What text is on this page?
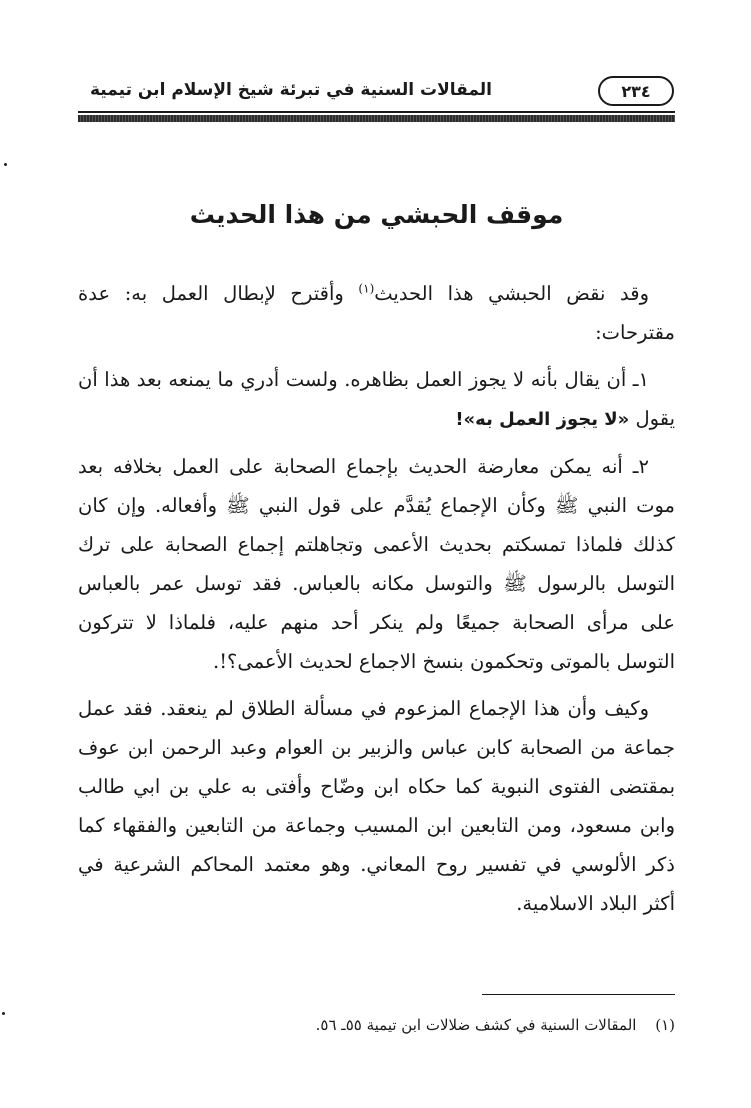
٢٣٤
المقالات السنية في تبرئة شيخ الإسلام ابن تيمية
موقف الحبشي من هذا الحديث

وقد نقض الحبشي هذا الحديث$^{(١)}$ وأقترح لإبطال العمل به: عدة مقترحات:

١ـ أن يقال بأنه لا يجوز العمل بظاهره. ولست أدري ما يمنعه بعد هذا أن يقول «لا يجوز العمل به»!

٢ـ أنه يمكن معارضة الحديث بإجماع الصحابة على العمل بخلافه بعد موت النبي ﷺ وكأن الإجماع يُقدَّم على قول النبي ﷺ وأفعاله. وإن كان كذلك فلماذا تمسكتم بحديث الأعمى وتجاهلتم إجماع الصحابة على ترك التوسل بالرسول ﷺ والتوسل مكانه بالعباس. فقد توسل عمر بالعباس على مرأى الصحابة جميعًا ولم ينكر أحد منهم عليه، فلماذا لا تتركون التوسل بالموتى وتحكمون بنسخ الاجماع لحديث الأعمى؟!.

وكيف وأن هذا الإجماع المزعوم في مسألة الطلاق لم ينعقد. فقد عمل جماعة من الصحابة كابن عباس والزبير بن العوام وعبد الرحمن ابن عوف بمقتضى الفتوى النبوية كما حكاه ابن وضّاح وأفتى به علي بن ابي طالب وابن مسعود، ومن التابعين ابن المسيب وجماعة من التابعين والفقهاء كما ذكر الألوسي في تفسير روح المعاني. وهو معتمد المحاكم الشرعية في أكثر البلاد الاسلامية.

(١) المقالات السنية في كشف ضلالات ابن تيمية ٥٥ـ ٥٦.
